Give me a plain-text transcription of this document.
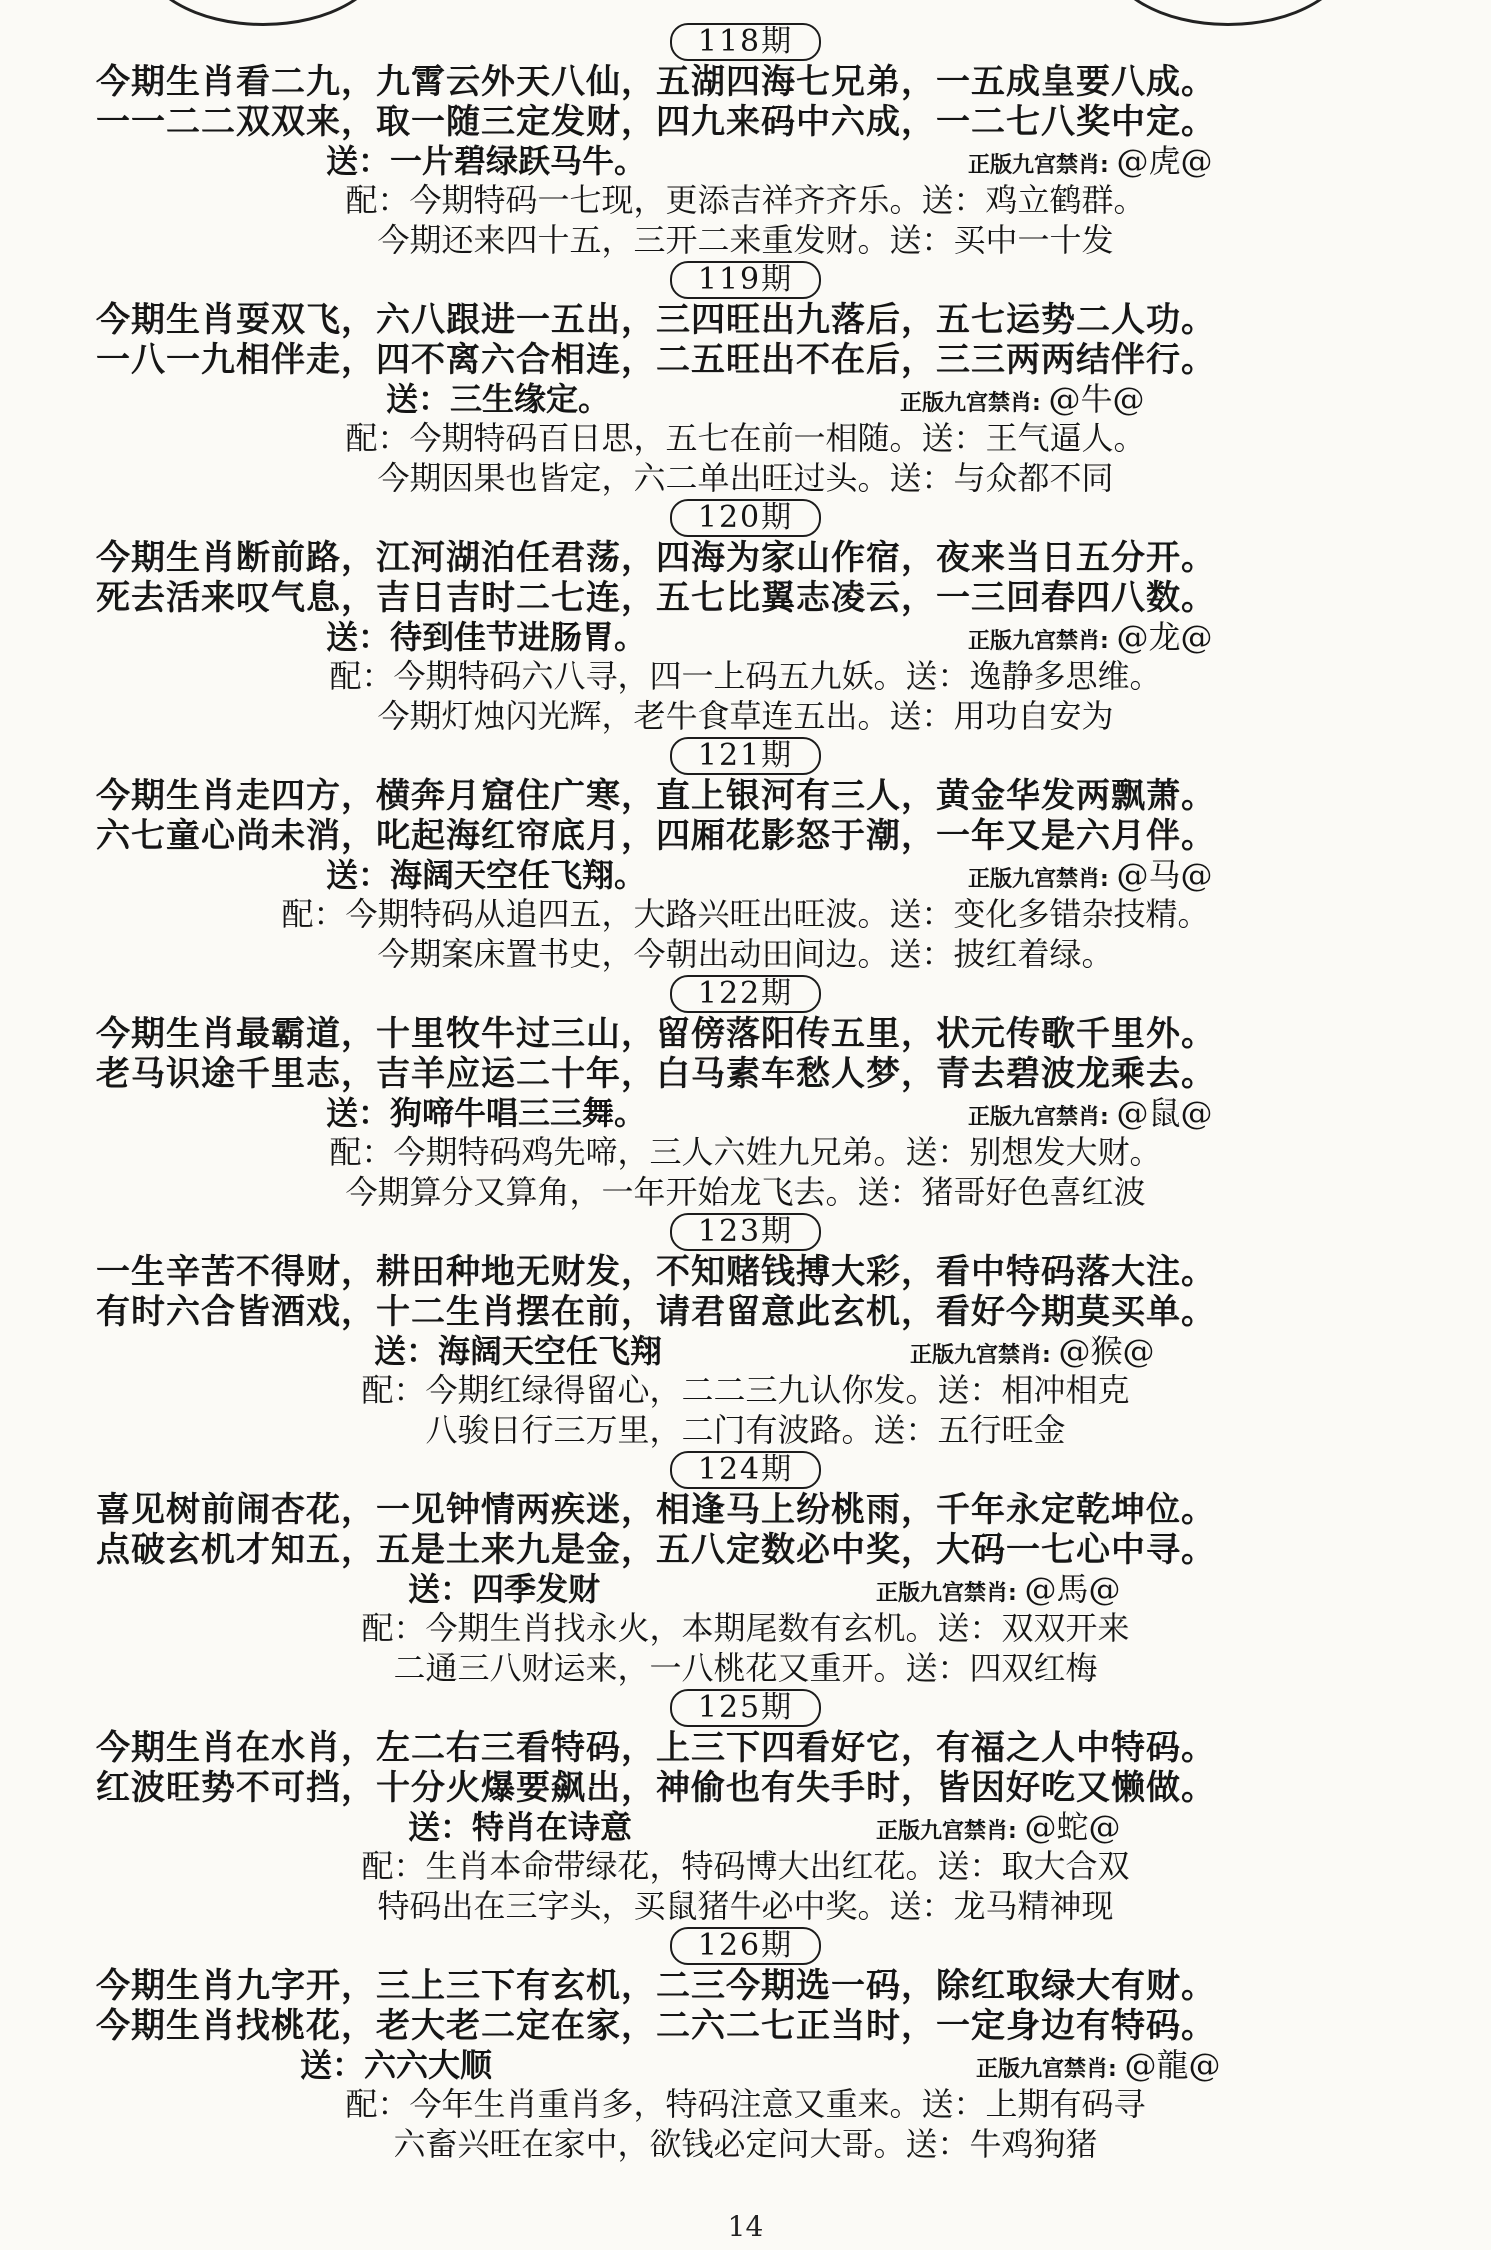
118期
今期生肖看二九，九霄云外天八仙，五湖四海七兄弟，一五成皇要八成。
一一二二双双来，取一随三定发财，四九来码中六成，一二七八奖中定。
送：一片碧绿跃马牛。	正版九宫禁肖: @虎@
配：今期特码一七现，更添吉祥齐齐乐。送：鸡立鹤群。
今期还来四十五，三开二来重发财。送：买中一十发
119期
今期生肖耍双飞，六八跟进一五出，三四旺出九落后，五七运势二人功。
一八一九相伴走，四不离六合相连，二五旺出不在后，三三两两结伴行。
送：三生缘定。	正版九宫禁肖: @牛@
配：今期特码百日思，五七在前一相随。送：王气逼人。
今期因果也皆定，六二单出旺过头。送：与众都不同
120期
今期生肖断前路，江河湖泊任君荡，四海为家山作宿，夜来当日五分开。
死去活来叹气息，吉日吉时二七连，五七比翼志凌云，一三回春四八数。
送：待到佳节进肠胃。	正版九宫禁肖: @龙@
配：今期特码六八寻，四一上码五九妖。送：逸静多思维。
今期灯烛闪光辉，老牛食草连五出。送：用功自安为
121期
今期生肖走四方，横奔月窟住广寒，直上银河有三人，黄金华发两飘萧。
六七童心尚未消，叱起海红帘底月，四厢花影怒于潮，一年又是六月伴。
送：海阔天空任飞翔。	正版九宫禁肖: @马@
配：今期特码从追四五，大路兴旺出旺波。送：变化多错杂技精。
今期案床置书史，今朝出动田间边。送：披红着绿。
122期
今期生肖最霸道，十里牧牛过三山，留傍落阳传五里，状元传歌千里外。
老马识途千里志，吉羊应运二十年，白马素车愁人梦，青去碧波龙乘去。
送：狗啼牛唱三三舞。	正版九宫禁肖: @鼠@
配：今期特码鸡先啼，三人六姓九兄弟。送：别想发大财。
今期算分又算角，一年开始龙飞去。送：猪哥好色喜红波
123期
一生辛苦不得财，耕田种地无财发，不知赌钱搏大彩，看中特码落大注。
有时六合皆酒戏，十二生肖摆在前，请君留意此玄机，看好今期莫买单。
送：海阔天空任飞翔	正版九宫禁肖: @猴@
配：今期红绿得留心，二二三九认你发。送：相冲相克
八骏日行三万里，二门有波路。送：五行旺金
124期
喜见树前闹杏花，一见钟情两疾迷，相逢马上纷桃雨，千年永定乾坤位。
点破玄机才知五，五是土来九是金，五八定数必中奖，大码一七心中寻。
送：四季发财	正版九宫禁肖: @馬@
配：今期生肖找永火，本期尾数有玄机。送：双双开来
二通三八财运来，一八桃花又重开。送：四双红梅
125期
今期生肖在水肖，左二右三看特码，上三下四看好它，有福之人中特码。
红波旺势不可挡，十分火爆要飙出，神偷也有失手时，皆因好吃又懒做。
送：特肖在诗意	正版九宫禁肖: @蛇@
配：生肖本命带绿花，特码博大出红花。送：取大合双
特码出在三字头，买鼠猪牛必中奖。送：龙马精神现
126期
今期生肖九字开，三上三下有玄机，二三今期选一码，除红取绿大有财。
今期生肖找桃花，老大老二定在家，二六二七正当时，一定身边有特码。
送：六六大顺	正版九宫禁肖: @龍@
配：今年生肖重肖多，特码注意又重来。送：上期有码寻
六畜兴旺在家中，欲钱必定问大哥。送：牛鸡狗猪
14
